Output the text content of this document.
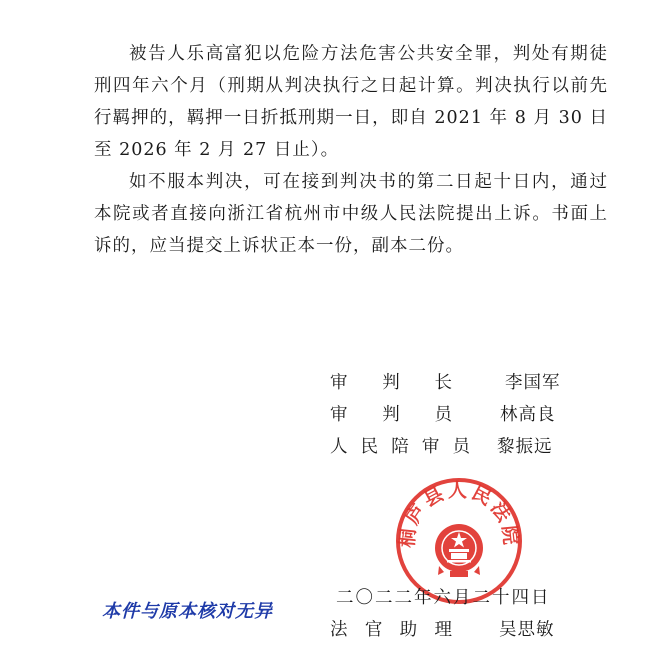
被告人乐高富犯以危险方法危害公共安全罪，判处有期徒刑四年六个月（刑期从判决执行之日起计算。判决执行以前先行羁押的，羁押一日折抵刑期一日，即自 2021 年 8 月 30 日至 2026 年 2 月 27 日止）。

如不服本判决，可在接到判决书的第二日起十日内，通过本院或者直接向浙江省杭州市中级人民法院提出上诉。书面上诉的，应当提交上诉状正本一份，副本二份。

审 判 长	李国军
审 判 员	林高良
人 民 陪 审 员 黎振远
桐庐县人民法院
二〇二二年六月二十四日
法 官 助 理	吴思敏
本件与原本核对无异
